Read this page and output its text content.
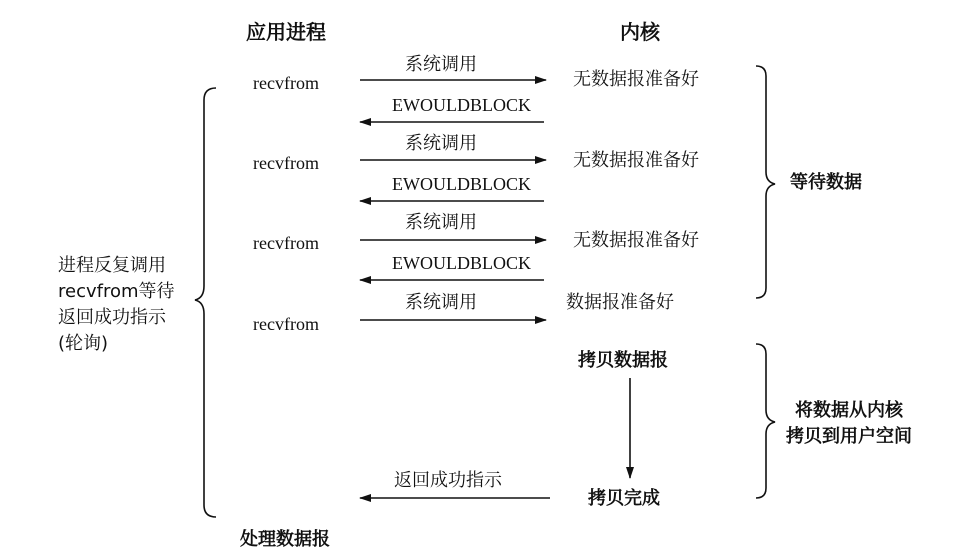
应用进程	内核
recvfrom
系统调用
EWOULDBLOCK
无数据报准备好
recvfrom
系统调用
EWOULDBLOCK
无数据报准备好
recvfrom
系统调用
EWOULDBLOCK
无数据报准备好
recvfrom
系统调用	数据报准备好
拷贝数据报
拷贝完成
返回成功指示
处理数据报
进程反复调用
recvfrom等待
返回成功指示
(轮询)
等待数据
将数据从内核
拷贝到用户空间
